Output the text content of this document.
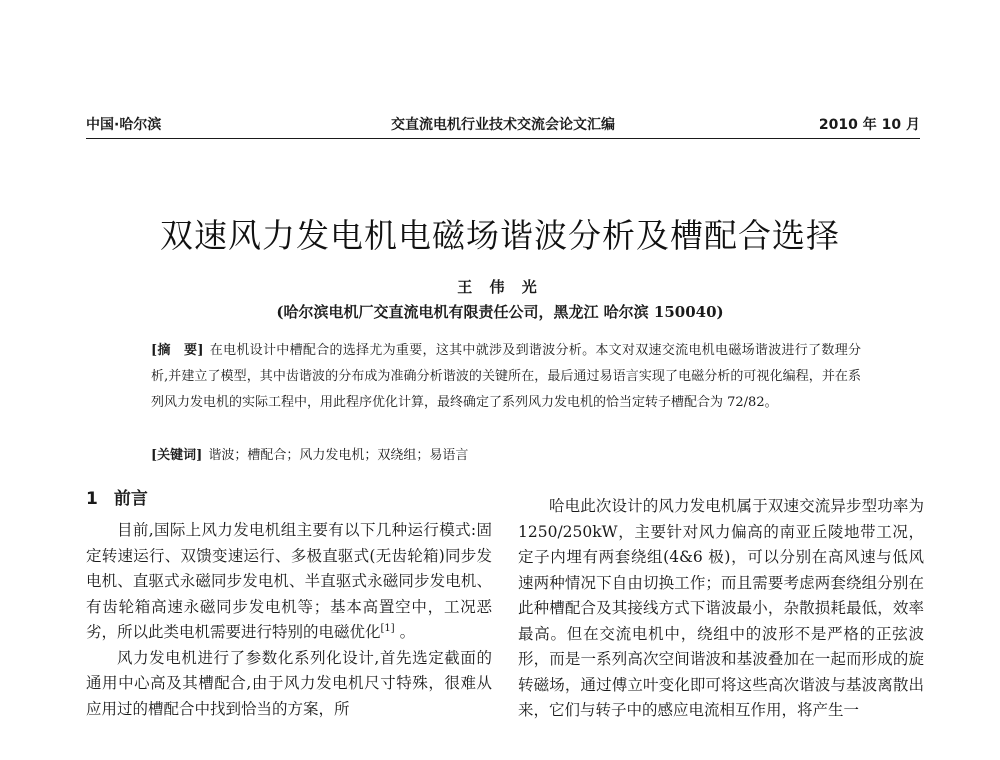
中国·哈尔滨	交直流电机行业技术交流会论文汇编	2010 年 10 月
双速风力发电机电磁场谐波分析及槽配合选择
王 伟 光
(哈尔滨电机厂交直流电机有限责任公司，黑龙江 哈尔滨 150040)
[摘　要] 在电机设计中槽配合的选择尤为重要，这其中就涉及到谐波分析。本文对双速交流电机电磁场谐波进行了数理分析,并建立了模型，其中齿谐波的分布成为准确分析谐波的关键所在，最后通过易语言实现了电磁分析的可视化编程，并在系列风力发电机的实际工程中，用此程序优化计算，最终确定了系列风力发电机的恰当定转子槽配合为 72/82。
[关键词] 谐波；槽配合；风力发电机；双绕组；易语言
1 前言

目前,国际上风力发电机组主要有以下几种运行模式:固定转速运行、双馈变速运行、多极直驱式(无齿轮箱)同步发电机、直驱式永磁同步发电机、半直驱式永磁同步发电机、有齿轮箱高速永磁同步发电机等；基本高置空中，工况恶劣，所以此类电机需要进行特别的电磁优化[1] 。

风力发电机进行了参数化系列化设计,首先选定截面的通用中心高及其槽配合,由于风力发电机尺寸特殊，很难从应用过的槽配合中找到恰当的方案，所

哈电此次设计的风力发电机属于双速交流异步型功率为 1250/250kW，主要针对风力偏高的南亚丘陵地带工况，定子内埋有两套绕组(4&6 极)，可以分别在高风速与低风速两种情况下自由切换工作；而且需要考虑两套绕组分别在此种槽配合及其接线方式下谐波最小，杂散损耗最低，效率最高。但在交流电机中，绕组中的波形不是严格的正弦波形，而是一系列高次空间谐波和基波叠加在一起而形成的旋转磁场，通过傅立叶变化即可将这些高次谐波与基波离散出来，它们与转子中的感应电流相互作用，将产生一
